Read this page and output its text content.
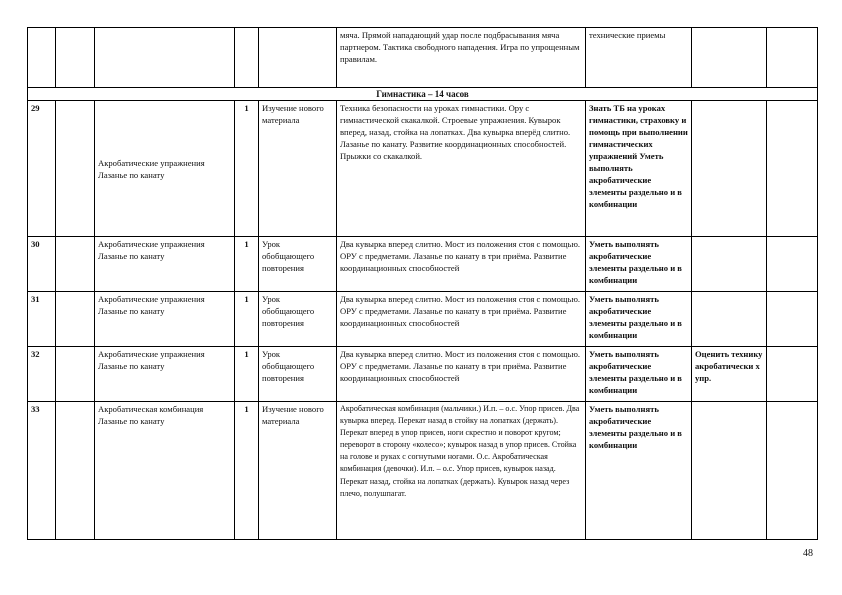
					мяча. Прямой нападающий удар после подбрасывания мяча партнером. Тактика свободного нападения. Игра по упрощенным правилам.	технические приемы		
Гимнастика – 14 часов								
29		Акробатические упражнения Лазанье по канату	1	Изучение нового материала	Техника безопасности на уроках гимнастики. Ору с гимнастической скакалкой. Строевые упражнения. Кувырок вперед, назад, стойка на лопатках. Два кувырка вперёд слитно. Лазанье по канату. Развитие координационных способностей. Прыжки со скакалкой.	Знать ТБ на уроках гимнастики, страховку и помощь при выполнении гимнастических упражнений Уметь выполнять акробатические элементы раздельно и в комбинации		
30		Акробатические упражнения Лазанье по канату	1	Урок обобщающего повторения	Два кувырка вперед слитно. Мост из положения стоя с помощью. ОРУ с предметами. Лазанье по канату в три приёма. Развитие координационных способностей	Уметь выполнять акробатические элементы раздельно и в комбинации		
31		Акробатические упражнения Лазанье по канату	1	Урок обобщающего повторения	Два кувырка вперед слитно. Мост из положения стоя с помощью. ОРУ с предметами. Лазанье по канату в три приёма. Развитие координационных способностей	Уметь выполнять акробатические элементы раздельно и в комбинации		
32		Акробатические упражнения Лазанье по канату	1	Урок обобщающего повторения	Два кувырка вперед слитно. Мост из положения стоя с помощью. ОРУ с предметами. Лазанье по канату в три приёма. Развитие координационных способностей	Уметь выполнять акробатические элементы раздельно и в комбинации	Оценить технику акробатически х упр.	
33		Акробатическая комбинация Лазанье по канату	1	Изучение нового материала	Акробатическая комбинация (мальчики.) И.п. – о.с. Упор присев. Два кувырка вперед. Перекат назад в стойку на лопатках (держать). Перекат вперед в упор присев, ноги скрестно и поворот кругом; переворот в сторону «колесо»; кувырок назад в упор присев. Стойка на голове и руках с согнутыми ногами. О.с. Акробатическая комбинация (девочки). И.п. – о.с. Упор присев, кувырок назад. Перекат назад, стойка на лопатках (держать). Кувырок назад через плечо, полушпагат.	Уметь выполнять акробатические элементы раздельно и в комбинации		
48
